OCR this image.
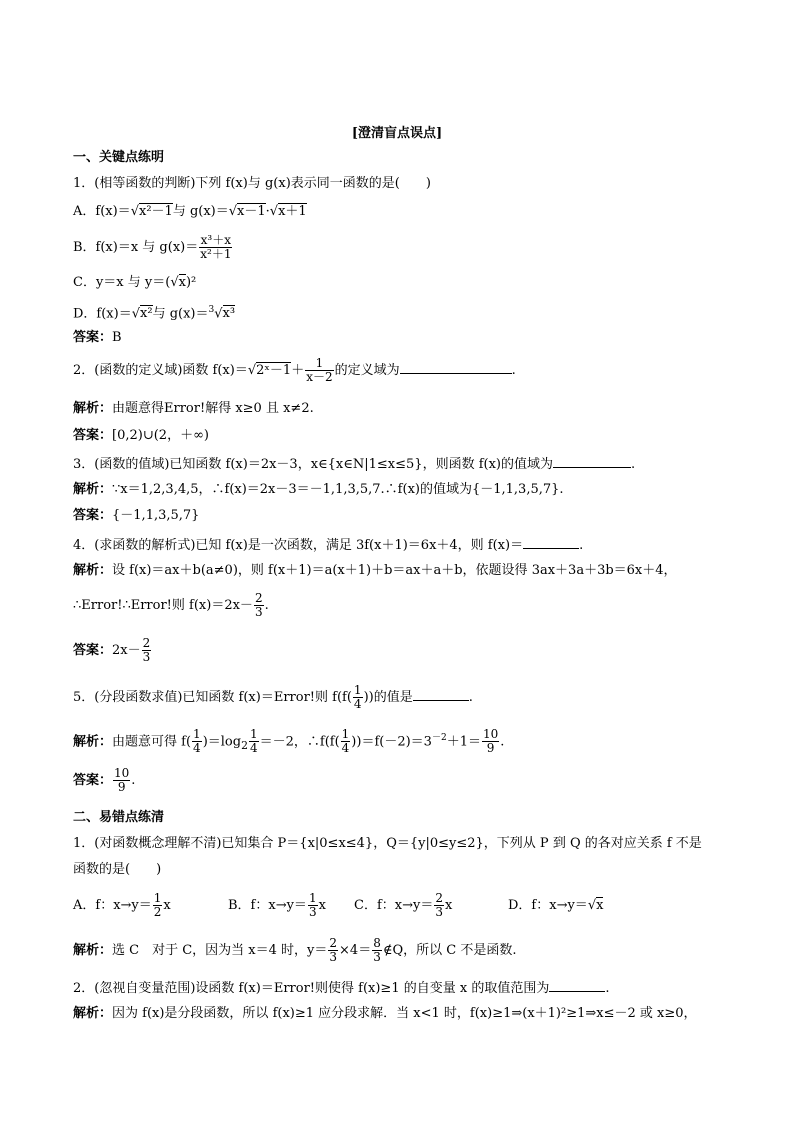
[澄清盲点误点]
一、关键点练明
1．(相等函数的判断)下列 f(x)与 g(x)表示同一函数的是(　　)
A．f(x)＝√x²－1与 g(x)＝√x－1·√x＋1
B．f(x)＝x 与 $g(x)= \frac{\text{x³＋x}}{\text{x²＋1}}$
C．y＝x 与 y＝(√x)²
D．f(x)＝√x²与 g(x)＝$^3$√x³
答案：B
2．(函数的定义域)函数 f(x)＝√2ˣ－1＋ $\frac{1}{x-2}$ 的定义域为	.
解析：由题意得Error!解得 x≥0 且 x≠2.
答案：[0,2)∪(2，＋∞)
3．(函数的值域)已知函数 f(x)＝2x－3，x∈{x∈N|1≤x≤5}，则函数 f(x)的值域为	.
解析：∵x＝1,2,3,4,5，∴f(x)＝2x－3＝－1,1,3,5,7.∴f(x)的值域为{－1,1,3,5,7}.
答案：{－1,1,3,5,7}
4．(求函数的解析式)已知 f(x)是一次函数，满足 3f(x＋1)＝6x＋4，则 f(x)＝	.
解析：设 f(x)＝ax＋b(a≠0)，则 f(x＋1)＝a(x＋1)＋b＝ax＋a＋b，依题设得 3ax＋3a＋3b＝6x＋4，
∴Error!∴Error!则 $f(x)=2x- \frac{2}{3}$ .
答案：$2x- \frac{2}{3}$
5．(分段函数求值)已知函数 f(x)＝Error!则 $f(f( \frac{1}{4}$ ))的值是	.
解析：由题意可得 $f( \frac{1}{4} )=\log_2 \frac{1}{4} =-2$，∴f(f( $\frac{1}{4} ))=f(-2)=3^{-2}+1= \frac{10}{9}$ .
答案： $\frac{10}{9}$ .
二、易错点练清
1．(对函数概念理解不清)已知集合 P＝{x|0≤x≤4}，Q＝{y|0≤y≤2}，下列从 P 到 Q 的各对应关系 f 不是
函数的是(　　)
A．f：$x\to y= \frac{1}{2}$ x	B．f：$x\to y= \frac{1}{3}$ x C．f：$x\to y= \frac{2}{3}$ x	D．f：x→y＝√x
解析：选 C　对于 C，因为当 x＝4 时，$y= \frac{2}{3} \times 4= \frac{8}{3}$ ∉Q，所以 C 不是函数.
2．(忽视自变量范围)设函数 f(x)＝Error!则使得 f(x)≥1 的自变量 x 的取值范围为	.
解析：因为 f(x)是分段函数，所以 f(x)≥1 应分段求解．当 x<1 时，f(x)≥1⇒(x＋1)²≥1⇒x≤－2 或 x≥0，
